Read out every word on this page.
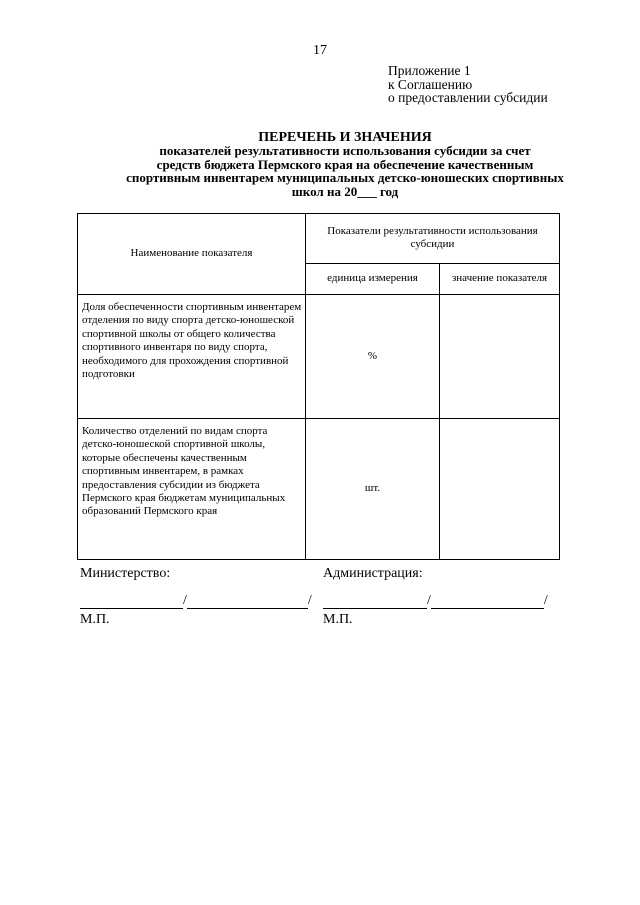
17
Приложение 1
к Соглашению
о предоставлении субсидии
ПЕРЕЧЕНЬ И ЗНАЧЕНИЯ
показателей результативности использования субсидии за счет
средств бюджета Пермского края на обеспечение качественным
спортивным инвентарем муниципальных детско-юношеских спортивных
школ на 20___ год
Наименование показателя	Показатели результативности использования субсидии	
	единица измерения	значение показателя
Доля обеспеченности спортивным инвентарем отделения по виду спорта детско-юношеской спортивной школы от общего количества спортивного инвентаря по виду спорта, необходимого для прохождения спортивной подготовки	%	
Количество отделений по видам спорта детско-юношеской спортивной школы, которые обеспечены качественным спортивным инвентарем, в рамках предоставления субсидии из бюджета Пермского края бюджетам муниципальных образований Пермского края	шт.	
Министерство:	Администрация:
/	/	/	/
М.П.	М.П.
